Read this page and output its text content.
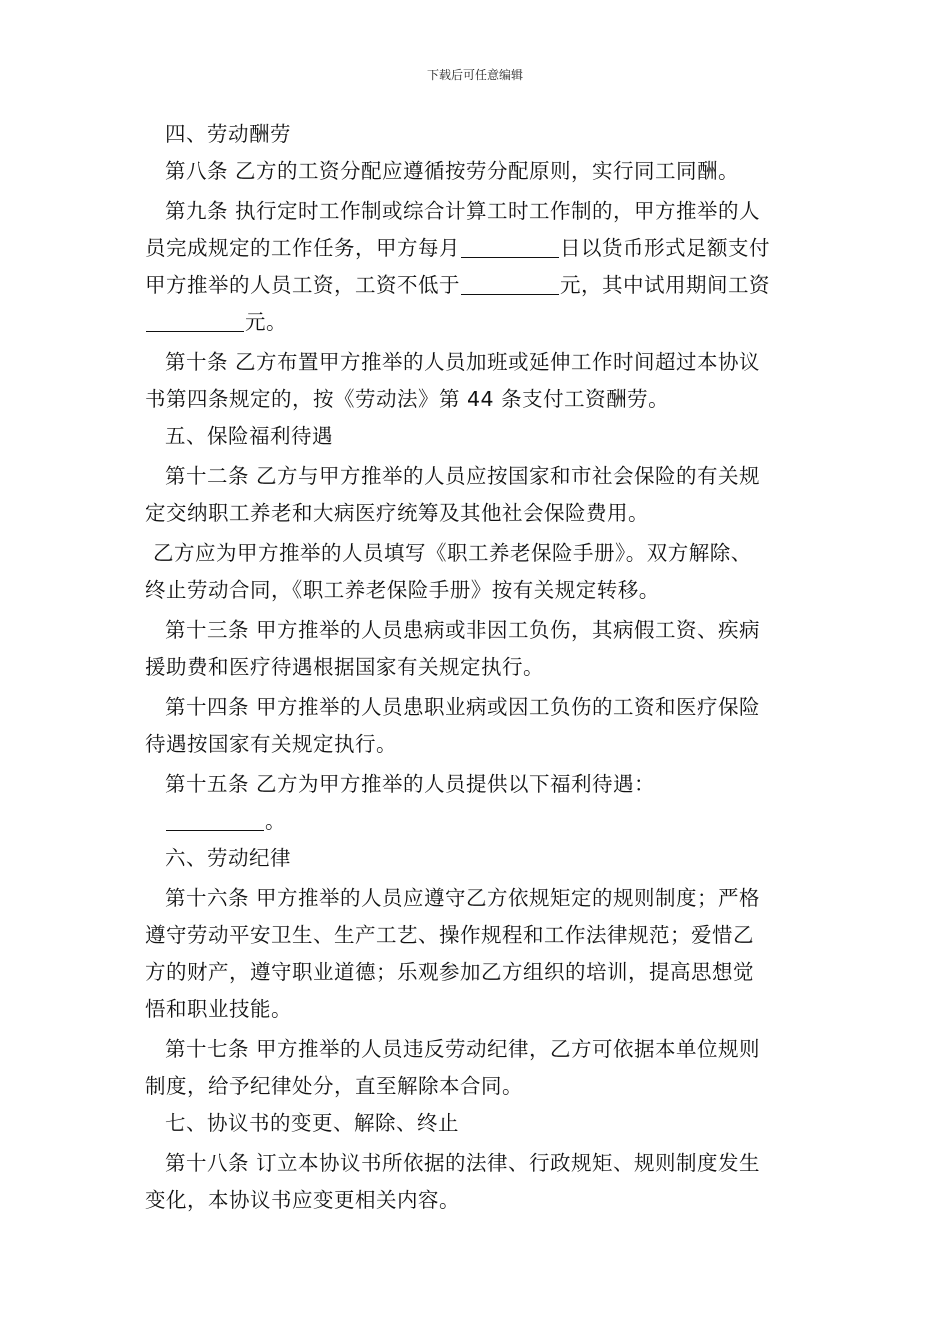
下载后可任意编辑
四、劳动酬劳
第八条 乙方的工资分配应遵循按劳分配原则，实行同工同酬。
第九条 执行定时工作制或综合计算工时工作制的，甲方推举的人
员完成规定的工作任务，甲方每月	日以货币形式足额支付
甲方推举的人员工资，工资不低于	元，其中试用期间工资
元。
第十条 乙方布置甲方推举的人员加班或延伸工作时间超过本协议
书第四条规定的，按《劳动法》第 44 条支付工资酬劳。
五、保险福利待遇
第十二条 乙方与甲方推举的人员应按国家和市社会保险的有关规
定交纳职工养老和大病医疗统筹及其他社会保险费用。
乙方应为甲方推举的人员填写《职工养老保险手册》。双方解除、
终止劳动合同，《职工养老保险手册》按有关规定转移。
第十三条 甲方推举的人员患病或非因工负伤，其病假工资、疾病
援助费和医疗待遇根据国家有关规定执行。
第十四条 甲方推举的人员患职业病或因工负伤的工资和医疗保险
待遇按国家有关规定执行。
第十五条 乙方为甲方推举的人员提供以下福利待遇：
。
六、劳动纪律
第十六条 甲方推举的人员应遵守乙方依规矩定的规则制度；严格
遵守劳动平安卫生、生产工艺、操作规程和工作法律规范；爱惜乙
方的财产，遵守职业道德；乐观参加乙方组织的培训，提高思想觉
悟和职业技能。
第十七条 甲方推举的人员违反劳动纪律，乙方可依据本单位规则
制度，给予纪律处分，直至解除本合同。
七、协议书的变更、解除、终止
第十八条 订立本协议书所依据的法律、行政规矩、规则制度发生
变化，本协议书应变更相关内容。
